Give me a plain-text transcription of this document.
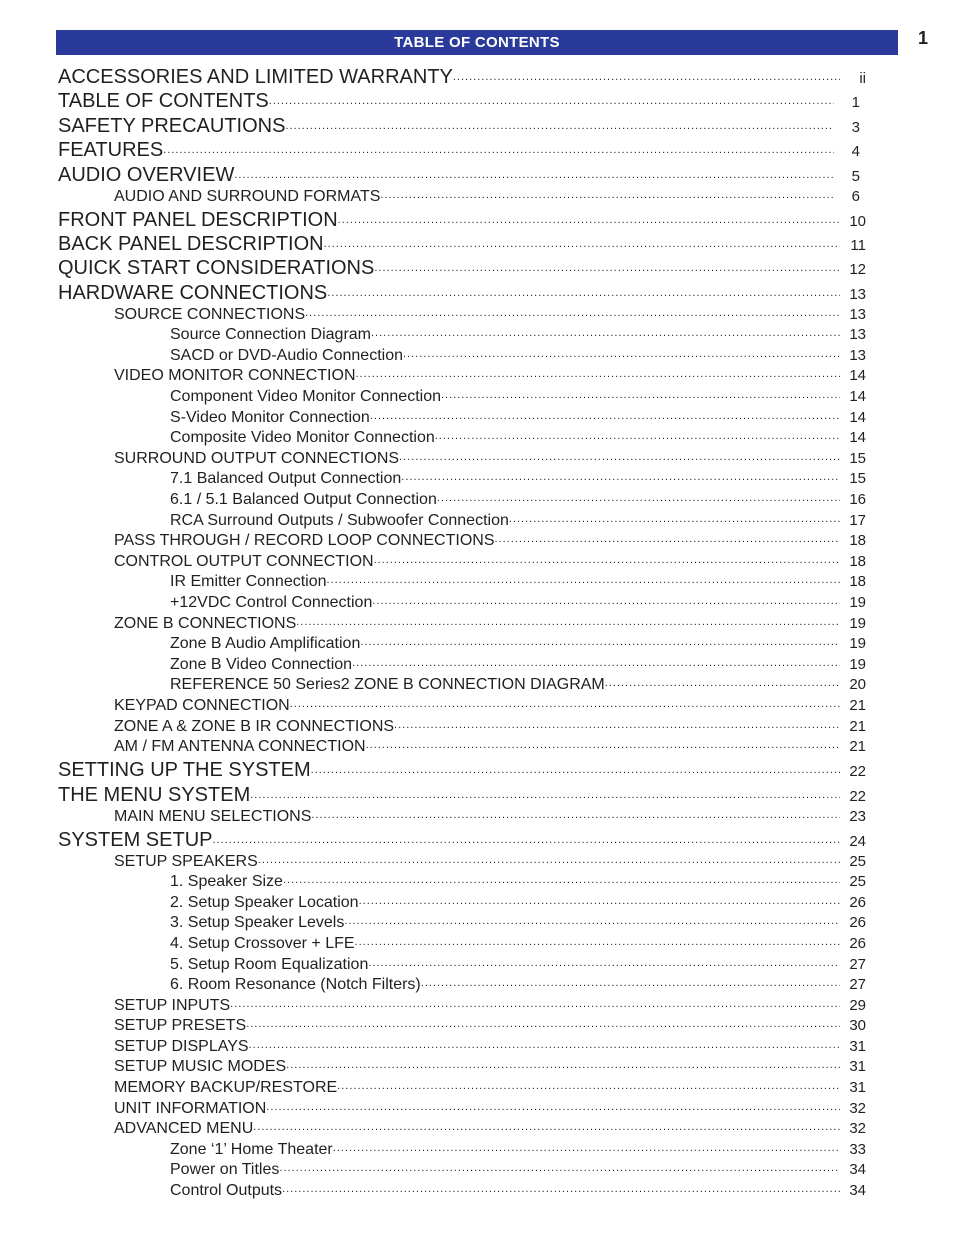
TABLE OF CONTENTS	1
ACCESSORIES AND LIMITED WARRANTY .....	ii
TABLE OF CONTENTS .....	1
SAFETY PRECAUTIONS .....	3
FEATURES .....	4
AUDIO OVERVIEW .....	5
AUDIO AND SURROUND FORMATS .....	6
FRONT PANEL DESCRIPTION .....	10
BACK PANEL DESCRIPTION .....	11
QUICK START CONSIDERATIONS .....	12
HARDWARE CONNECTIONS .....	13
SOURCE CONNECTIONS .....	13
Source Connection Diagram .....	13
SACD or DVD-Audio Connection .....	13
VIDEO MONITOR CONNECTION .....	14
Component Video Monitor Connection .....	14
S-Video Monitor Connection .....	14
Composite Video Monitor Connection .....	14
SURROUND OUTPUT CONNECTIONS .....	15
7.1 Balanced Output Connection .....	15
6.1 / 5.1 Balanced Output Connection .....	16
RCA Surround Outputs / Subwoofer Connection .....	17
PASS THROUGH / RECORD LOOP CONNECTIONS .....	18
CONTROL OUTPUT CONNECTION .....	18
IR Emitter Connection .....	18
+12VDC Control Connection .....	19
ZONE B CONNECTIONS .....	19
Zone B Audio Amplification .....	19
Zone B Video Connection .....	19
REFERENCE 50 Series2 ZONE B CONNECTION DIAGRAM .....	20
KEYPAD CONNECTION .....	21
ZONE A & ZONE B IR CONNECTIONS .....	21
AM / FM ANTENNA CONNECTION .....	21
SETTING UP THE SYSTEM .....	22
THE MENU SYSTEM .....	22
MAIN MENU SELECTIONS .....	23
SYSTEM SETUP .....	24
SETUP SPEAKERS .....	25
1. Speaker Size .....	25
2. Setup Speaker Location .....	26
3. Setup Speaker Levels .....	26
4. Setup Crossover + LFE .....	26
5. Setup Room Equalization .....	27
6. Room Resonance (Notch Filters) .....	27
SETUP INPUTS .....	29
SETUP PRESETS .....	30
SETUP DISPLAYS .....	31
SETUP MUSIC MODES .....	31
MEMORY BACKUP/RESTORE .....	31
UNIT INFORMATION .....	32
ADVANCED MENU .....	32
Zone ‘1’ Home Theater .....	33
Power on Titles .....	34
Control Outputs .....	34
